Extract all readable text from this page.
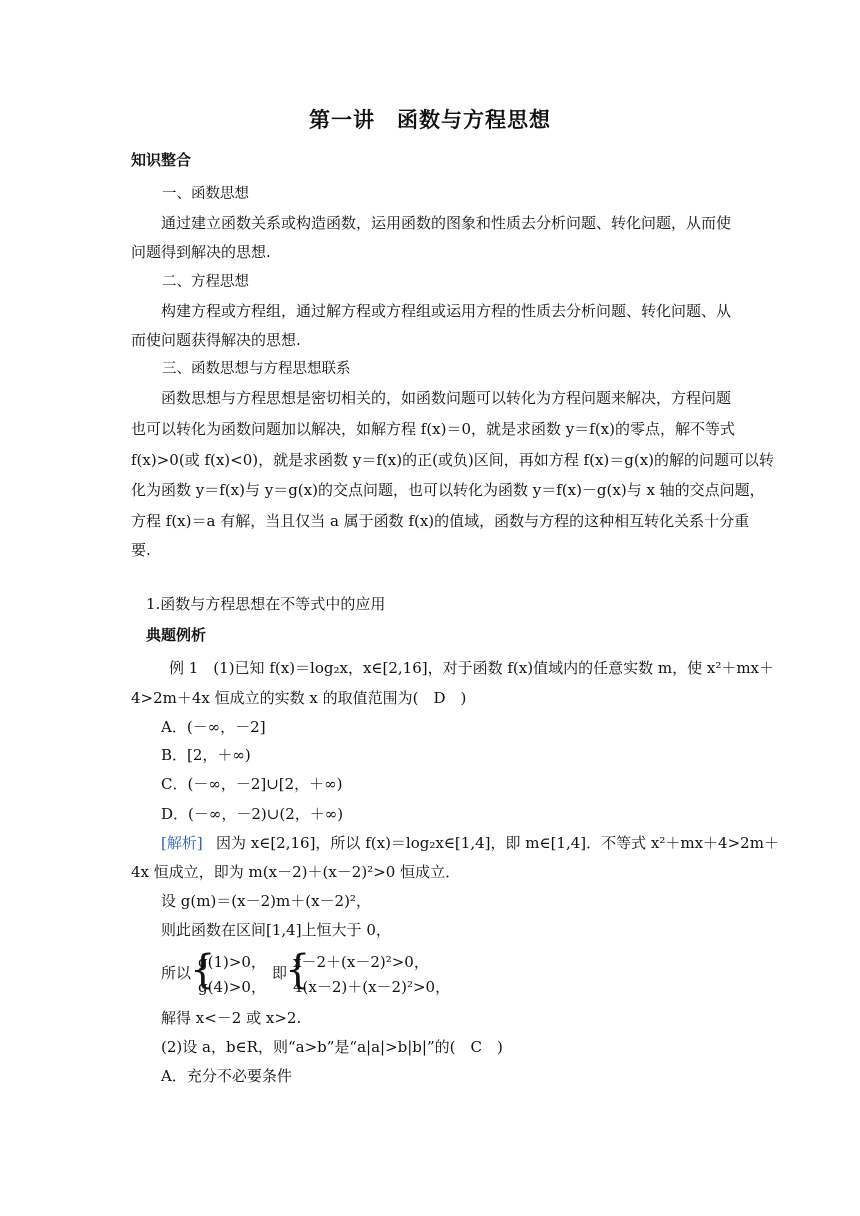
第一讲　函数与方程思想
知识整合
一、函数思想
通过建立函数关系或构造函数，运用函数的图象和性质去分析问题、转化问题，从而使
问题得到解决的思想.
二、方程思想
构建方程或方程组，通过解方程或方程组或运用方程的性质去分析问题、转化问题、从
而使问题获得解决的思想.
三、函数思想与方程思想联系
函数思想与方程思想是密切相关的，如函数问题可以转化为方程问题来解决，方程问题
也可以转化为函数问题加以解决，如解方程 f(x)＝0，就是求函数 y＝f(x)的零点，解不等式
f(x)>0(或 f(x)<0)，就是求函数 y＝f(x)的正(或负)区间，再如方程 f(x)＝g(x)的解的问题可以转
化为函数 y＝f(x)与 y＝g(x)的交点问题，也可以转化为函数 y＝f(x)－g(x)与 x 轴的交点问题，
方程 f(x)＝a 有解，当且仅当 a 属于函数 f(x)的值域，函数与方程的这种相互转化关系十分重
要.
1.函数与方程思想在不等式中的应用
典题例析
例 1　(1)已知 f(x)＝log₂x，x∈[2,16]，对于函数 f(x)值域内的任意实数 m，使 x²＋mx＋
4>2m＋4x 恒成立的实数 x 的取值范围为(　D　)
A．(－∞，－2]
B．[2，＋∞)
C．(－∞，－2]∪[2，＋∞)
D．(－∞，－2)∪(2，＋∞)
[解析] 因为 x∈[2,16]，所以 f(x)＝log₂x∈[1,4]，即 m∈[1,4]．不等式 x²＋mx＋4>2m＋
4x 恒成立，即为 m(x－2)＋(x－2)²>0 恒成立．
设 g(m)＝(x－2)m＋(x－2)²，
则此函数在区间[1,4]上恒大于 0，
所以
{
g(1)>0，
g(4)>0，
即
{
x－2＋(x－2)²>0，
4(x－2)＋(x－2)²>0，
解得 x<－2 或 x>2.
(2)设 a，b∈R，则“a>b”是“a|a|>b|b|”的(　C　)
A．充分不必要条件
